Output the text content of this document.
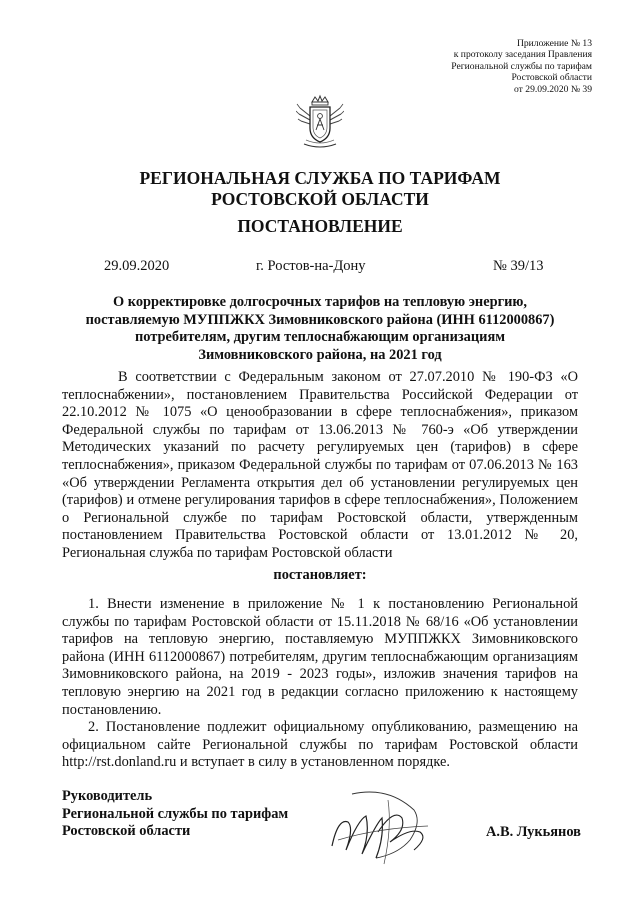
Приложение № 13
к протоколу заседания Правления
Региональной службы по тарифам
Ростовской области
от 29.09.2020 № 39
РЕГИОНАЛЬНАЯ СЛУЖБА ПО ТАРИФАМ
РОСТОВСКОЙ ОБЛАСТИ
ПОСТАНОВЛЕНИЕ
29.09.2020	г. Ростов-на-Дону	№ 39/13
О корректировке долгосрочных тарифов на тепловую энергию,
поставляемую МУППЖКХ Зимовниковского района (ИНН 6112000867)
потребителям, другим теплоснабжающим организациям
Зимовниковского района, на 2021 год

В соответствии с Федеральным законом от 27.07.2010 № 190-ФЗ «О теплоснабжении», постановлением Правительства Российской Федерации от 22.10.2012 № 1075 «О ценообразовании в сфере теплоснабжения», приказом Федеральной службы по тарифам от 13.06.2013 № 760-э «Об утверждении Методических указаний по расчету регулируемых цен (тарифов) в сфере теплоснабжения», приказом Федеральной службы по тарифам от 07.06.2013 № 163 «Об утверждении Регламента открытия дел об установлении регулируемых цен (тарифов) и отмене регулирования тарифов в сфере теплоснабжения», Положением о Региональной службе по тарифам Ростовской области, утвержденным постановлением Правительства Ростовской области от 13.01.2012 № 20, Региональная служба по тарифам Ростовской области

постановляет:

1. Внести изменение в приложение № 1 к постановлению Региональной службы по тарифам Ростовской области от 15.11.2018 № 68/16 «Об установлении тарифов на тепловую энергию, поставляемую МУППЖКХ Зимовниковского района (ИНН 6112000867) потребителям, другим теплоснабжающим организациям Зимовниковского района, на 2019 - 2023 годы», изложив значения тарифов на тепловую энергию на 2021 год в редакции согласно приложению к настоящему постановлению.

2. Постановление подлежит официальному опубликованию, размещению на официальном сайте Региональной службы по тарифам Ростовской области http://rst.donland.ru и вступает в силу в установленном порядке.

Руководитель
Региональной службы по тарифам
Ростовской области	А.В. Лукьянов
